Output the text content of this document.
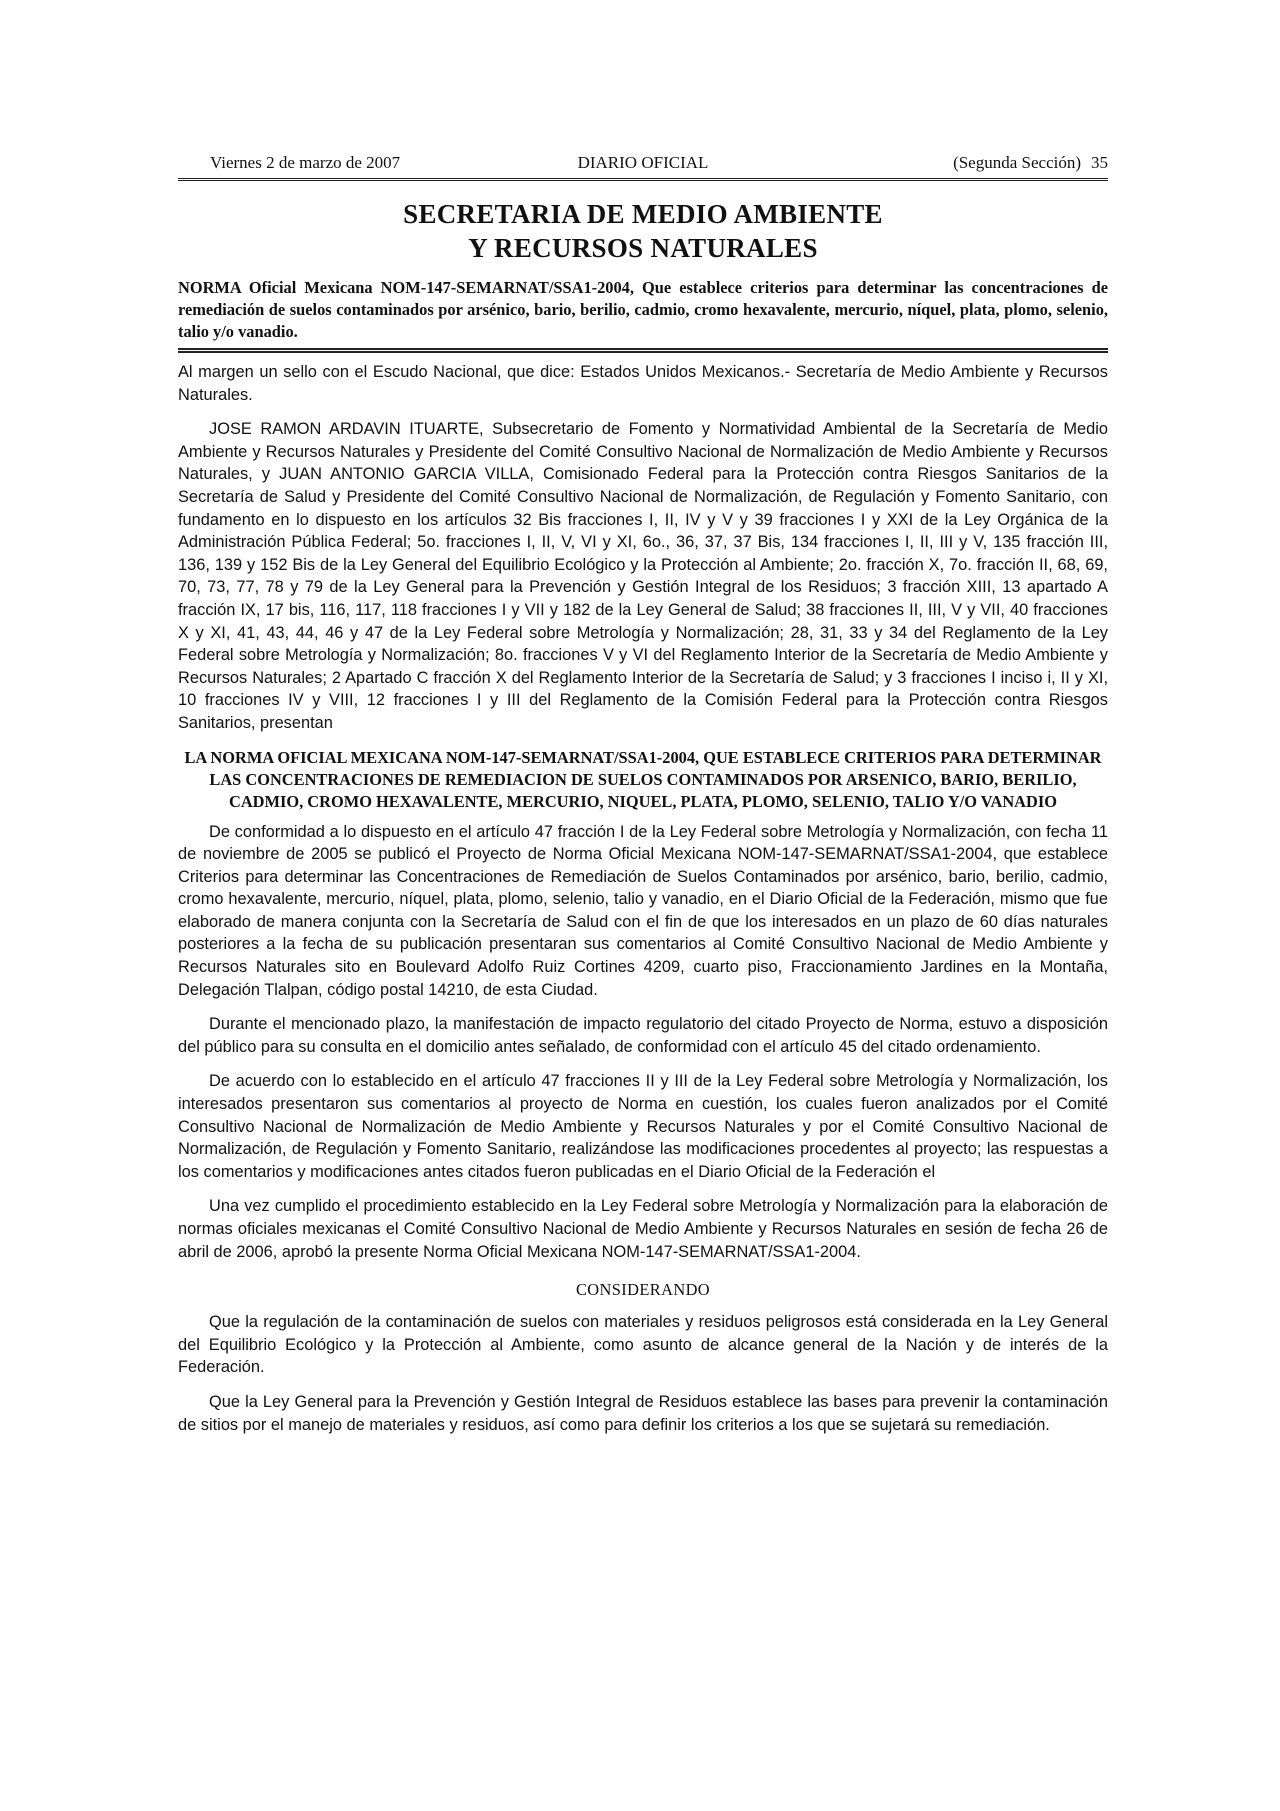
Viernes 2 de marzo de 2007	DIARIO OFICIAL	(Segunda Sección) 35
SECRETARIA DE MEDIO AMBIENTE
Y RECURSOS NATURALES
NORMA Oficial Mexicana NOM-147-SEMARNAT/SSA1-2004, Que establece criterios para determinar las concentraciones de remediación de suelos contaminados por arsénico, bario, berilio, cadmio, cromo hexavalente, mercurio, níquel, plata, plomo, selenio, talio y/o vanadio.

Al margen un sello con el Escudo Nacional, que dice: Estados Unidos Mexicanos.- Secretaría de Medio Ambiente y Recursos Naturales.

JOSE RAMON ARDAVIN ITUARTE, Subsecretario de Fomento y Normatividad Ambiental de la Secretaría de Medio Ambiente y Recursos Naturales y Presidente del Comité Consultivo Nacional de Normalización de Medio Ambiente y Recursos Naturales, y JUAN ANTONIO GARCIA VILLA, Comisionado Federal para la Protección contra Riesgos Sanitarios de la Secretaría de Salud y Presidente del Comité Consultivo Nacional de Normalización, de Regulación y Fomento Sanitario, con fundamento en lo dispuesto en los artículos 32 Bis fracciones I, II, IV y V y 39 fracciones I y XXI de la Ley Orgánica de la Administración Pública Federal; 5o. fracciones I, II, V, VI y XI, 6o., 36, 37, 37 Bis, 134 fracciones I, II, III y V, 135 fracción III, 136, 139 y 152 Bis de la Ley General del Equilibrio Ecológico y la Protección al Ambiente; 2o. fracción X, 7o. fracción II, 68, 69, 70, 73, 77, 78 y 79 de la Ley General para la Prevención y Gestión Integral de los Residuos; 3 fracción XIII, 13 apartado A fracción IX, 17 bis, 116, 117, 118 fracciones I y VII y 182 de la Ley General de Salud; 38 fracciones II, III, V y VII, 40 fracciones X y XI, 41, 43, 44, 46 y 47 de la Ley Federal sobre Metrología y Normalización; 28, 31, 33 y 34 del Reglamento de la Ley Federal sobre Metrología y Normalización; 8o. fracciones V y VI del Reglamento Interior de la Secretaría de Medio Ambiente y Recursos Naturales; 2 Apartado C fracción X del Reglamento Interior de la Secretaría de Salud; y 3 fracciones I inciso i, II y XI, 10 fracciones IV y VIII, 12 fracciones I y III del Reglamento de la Comisión Federal para la Protección contra Riesgos Sanitarios, presentan

LA NORMA OFICIAL MEXICANA NOM-147-SEMARNAT/SSA1-2004, QUE ESTABLECE CRITERIOS PARA DETERMINAR LAS CONCENTRACIONES DE REMEDIACION DE SUELOS CONTAMINADOS POR ARSENICO, BARIO, BERILIO, CADMIO, CROMO HEXAVALENTE, MERCURIO, NIQUEL, PLATA, PLOMO, SELENIO, TALIO Y/O VANADIO

De conformidad a lo dispuesto en el artículo 47 fracción I de la Ley Federal sobre Metrología y Normalización, con fecha 11 de noviembre de 2005 se publicó el Proyecto de Norma Oficial Mexicana NOM-147-SEMARNAT/SSA1-2004, que establece Criterios para determinar las Concentraciones de Remediación de Suelos Contaminados por arsénico, bario, berilio, cadmio, cromo hexavalente, mercurio, níquel, plata, plomo, selenio, talio y vanadio, en el Diario Oficial de la Federación, mismo que fue elaborado de manera conjunta con la Secretaría de Salud con el fin de que los interesados en un plazo de 60 días naturales posteriores a la fecha de su publicación presentaran sus comentarios al Comité Consultivo Nacional de Medio Ambiente y Recursos Naturales sito en Boulevard Adolfo Ruiz Cortines 4209, cuarto piso, Fraccionamiento Jardines en la Montaña, Delegación Tlalpan, código postal 14210, de esta Ciudad.

Durante el mencionado plazo, la manifestación de impacto regulatorio del citado Proyecto de Norma, estuvo a disposición del público para su consulta en el domicilio antes señalado, de conformidad con el artículo 45 del citado ordenamiento.

De acuerdo con lo establecido en el artículo 47 fracciones II y III de la Ley Federal sobre Metrología y Normalización, los interesados presentaron sus comentarios al proyecto de Norma en cuestión, los cuales fueron analizados por el Comité Consultivo Nacional de Normalización de Medio Ambiente y Recursos Naturales y por el Comité Consultivo Nacional de Normalización, de Regulación y Fomento Sanitario, realizándose las modificaciones procedentes al proyecto; las respuestas a los comentarios y modificaciones antes citados fueron publicadas en el Diario Oficial de la Federación el

Una vez cumplido el procedimiento establecido en la Ley Federal sobre Metrología y Normalización para la elaboración de normas oficiales mexicanas el Comité Consultivo Nacional de Medio Ambiente y Recursos Naturales en sesión de fecha 26 de abril de 2006, aprobó la presente Norma Oficial Mexicana NOM-147-SEMARNAT/SSA1-2004.

CONSIDERANDO

Que la regulación de la contaminación de suelos con materiales y residuos peligrosos está considerada en la Ley General del Equilibrio Ecológico y la Protección al Ambiente, como asunto de alcance general de la Nación y de interés de la Federación.

Que la Ley General para la Prevención y Gestión Integral de Residuos establece las bases para prevenir la contaminación de sitios por el manejo de materiales y residuos, así como para definir los criterios a los que se sujetará su remediación.
